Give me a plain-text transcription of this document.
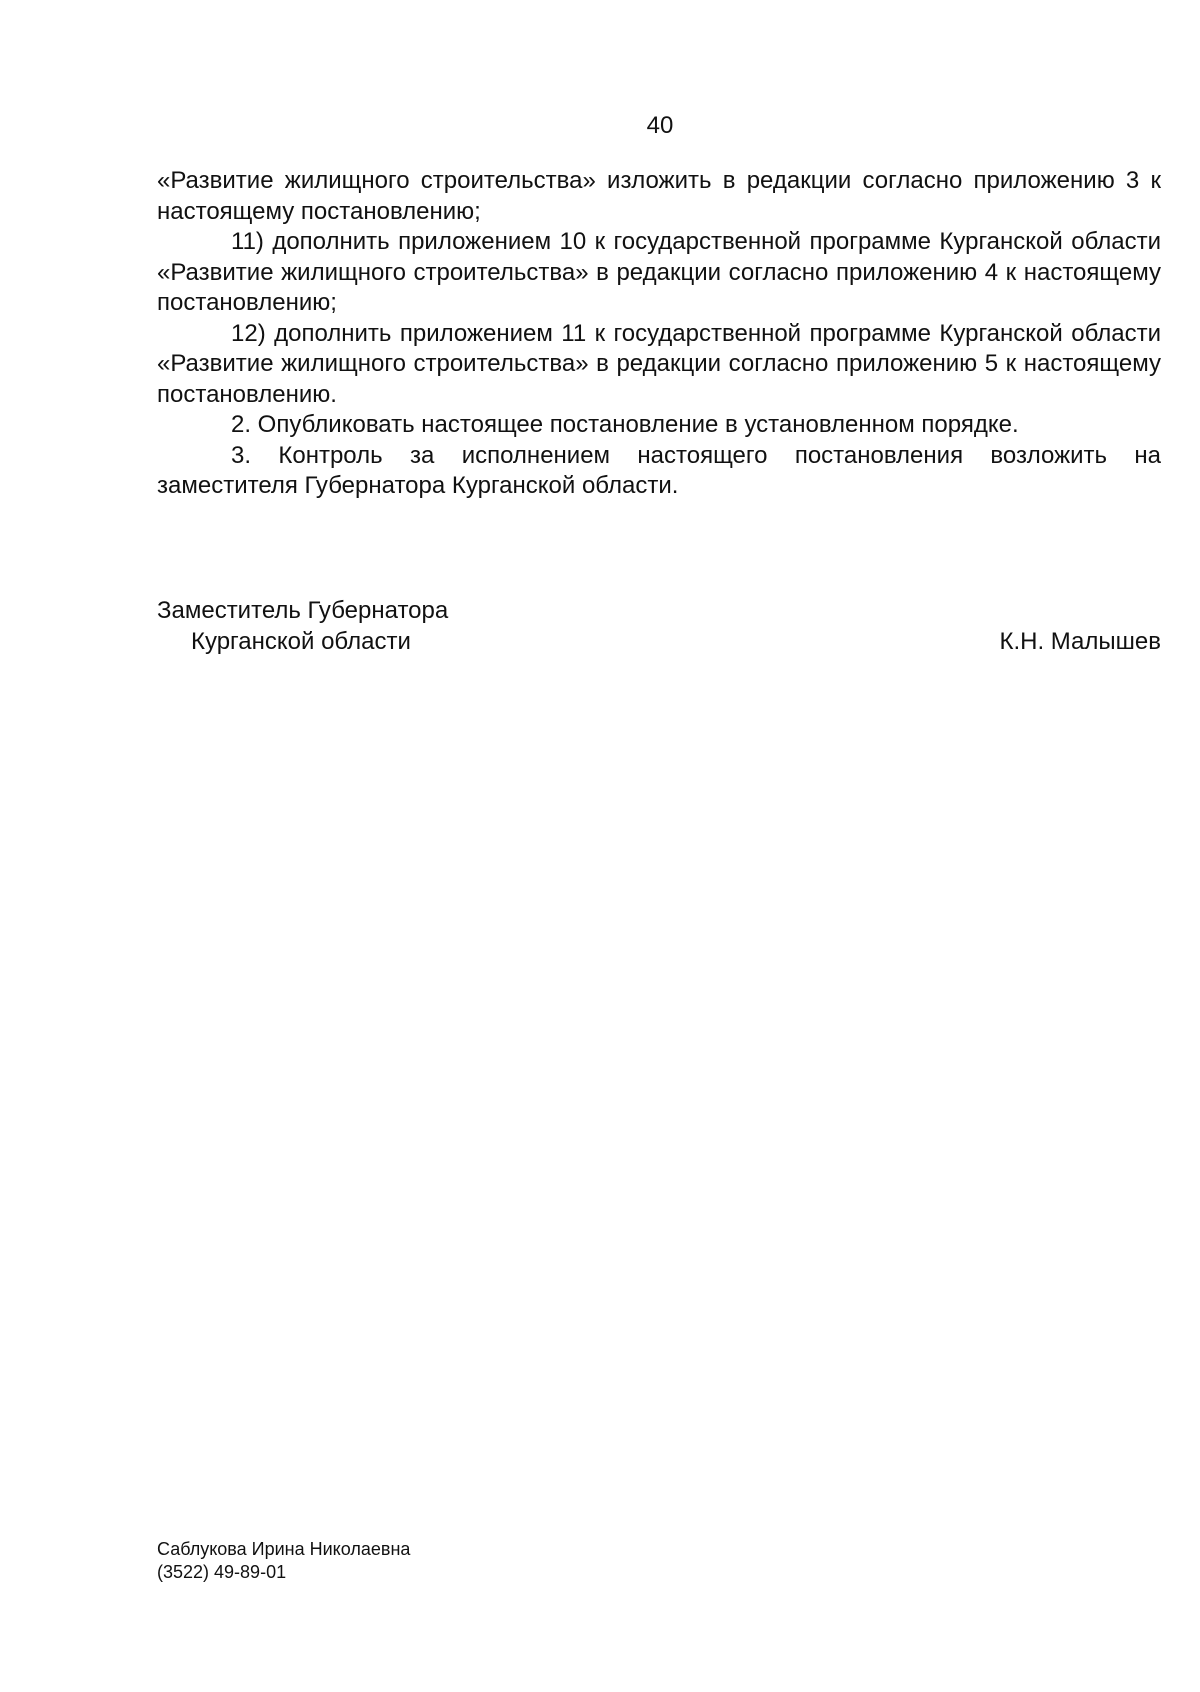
40

«Развитие жилищного строительства» изложить в редакции согласно приложению 3 к настоящему постановлению;

11) дополнить приложением 10 к государственной программе Курганской области «Развитие жилищного строительства» в редакции согласно приложению 4 к настоящему постановлению;

12) дополнить приложением 11 к государственной программе Курганской области «Развитие жилищного строительства» в редакции согласно приложению 5 к настоящему постановлению.

2. Опубликовать настоящее постановление в установленном порядке.

3. Контроль за исполнением настоящего постановления возложить на заместителя Губернатора Курганской области.

Заместитель Губернатора
Курганской области	К.Н. Малышев
Саблукова Ирина Николаевна
(3522) 49-89-01
